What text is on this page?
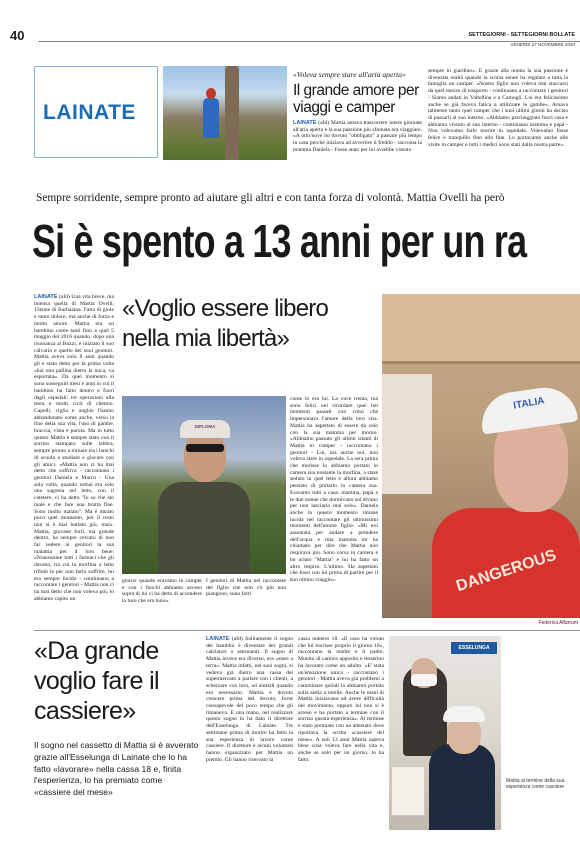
40	SETTEGIORNI - SETTEGIORNI BOLLATE
VENERDÌ 27 NOVEMBRE 2020
LAINATE
«Voleva sempre stare all'aria aperta»
Il grande amore per viaggi e camper
LAINATE (afd) Mattia amava trascorrere intere giornate all'aria aperta e la sua passione più sfrenata era viaggiare. «A otto/nove ho dovuto "obbligato" a passare più tempo in casa perché iniziava ad avvertire il freddo - racconta la mamma Daniela - Fosse stato per lui avrebbe vissuto
sempre in giardino». E grazie alla nonna la sua passione è diventata realtà quando la scorsa estate ha regalato a tutta la famiglia un camper. «Nostro figlio non voleva mai staccarsi da quel mezzo di trasporto - continuano a raccontare i genitori - Siamo andati in Valtellina e a Camogli. Lui era felicissimo anche se già faceva fatica a utilizzare le gambe». Amava talmente tanto quel camper che i suoi ultimi giorni ha deciso di passarli al suo interno. «Abbiamo parcheggiato fuori casa e abbiamo vissuto al suo interno - continuano mamma e papà - Non volevamo farlo morire in ospedale. Volevamo fosse felice e tranquillo fino alla fine. Lo portavamo anche alle visite in camper e tutti i medici sono stati dalla nostra parte».
Sempre sorridente, sempre pronto ad aiutare gli altri e con tanta forza di volontà. Mattia Ovelli ha però
Si è spento a 13 anni per un ra
«Voglio essere libero nella mia libertà»
LAINATE (afd) Una vita breve, ma intensa quella di Mattia Ovelli, 13enne di Barbaiana. Fatta di gioie e tanto dolore, ma anche di forza e molto amore. Mattia era un bambino come tanti fino a quel 5 maggio del 2016 quando, dopo una risonanza al Buzzi, è iniziato il suo calvario e quello dei suoi genitori. Mattia aveva solo 8 anni quando gli è stato detto per la prima volta «hai una pallina dietro la nuca, va esportata». Da quel momento si sono susseguiti mesi e anni in cui il bambino ha fatto dentro e fuori dagli ospedali: tre operazioni alla testa e molti cicli di chemio. Capelli, ciglia e unghie l'hanno abbandonato come anche, verso la fine della sua vita, l'uso di gambe, braccia, vista e parola. Ma in tutto questo Mattia è sempre stato con il sorriso stampato sulle labbra, sempre pronto a tornare tra i banchi di scuola a studiare e giocare con gli amici. «Mattia non ci ha mai detto che soffriva - raccontano i genitori Daniela e Marco - Una sola volta, quando ormai era solo una sagoma nel letto, con il catetere, ci ha detto "Io so che sto male e che fare una brutta fine. Sono molto malato". Ma è durato poco quel momento, per il resto non si è mai buttato giù, mai». Mattia, giovane forti, ma grande dentro, ha sempre cercato di non far vedere ai genitori la sua malattia per il loro bene: «Nonostante tutti i farmaci che gli davano, tra cui la morfina a letto rifiutò le per non farlo soffrire, lui era sempre lucido - continuano a raccontare i genitori - Mattia non ci ha mai detto che non voleva più, lo abbiamo capito un
DIPLOMA
giorno quando eravamo in camper e con i fuochi abbiamo acceso sopra di lui ci ha detto di accendere la luce che era buio».
I genitori di Mattia nel raccontare del figlio che non c'è più non piangono, sono forti
come lo era lui. La voce trema, ma sono felici nel ricordare quei bei momenti passati con colui che impersonava l'amore della loro vita. Mattia ha aspettato di essere da solo con la sua mamma per morire. «Abbiamo passato gli ultimi istanti di Mattia in camper - raccontano i genitori - Lui, ma anche noi, non voleva stare in ospedale. La sera prima che morisse lo abbiamo portato in camera sua nostante la morfina, a stare seduto in quel letto e allora abbiamo pensato di portarlo in camera sua. Eravamo tutti a casa: mamma, papà e le due nonne che dormivano sul divano per non lasciarlo mai solo». Daniela anche in questo momento rimane lucida nel raccontare gli ultimissimi momenti dell'amore figlio: «Mi ero assentata per andare a prendere dell'acqua e mia mamma mi ha chiamato per dire che Mattia non respirava più. Sono corsa in camera e ho urlato "Mattia" e lui ha fatto un altro respiro. L'ultimo. Ha aspettato che fossi con lui prima di partire per il suo ultimo viaggio».	DANGEROUS
ITALIA
Federica Alfarrum
«Da grande voglio fare il cassiere»
Il sogno nel cassetto di Mattia si è avverato grazie all'Esselunga di Lainate che lo ha fatto «lavorare» nella cassa 18 e, finita l'esperienza, lo ha premiato come «cassiere del mese»
LAINATE (afd) Solitamente il sogno dei bambini è diventare dei grandi calciatori o astronauti. Il sogno di Mattia invece era diverso, era «stare a terra». Mattia infatti, nei suoi sogni, si vedeva già dietro una cassa del supermercato a parlare con i clienti, a scherzare con loro, ad aiutarli quando era necessario. Mattia è dovuto crescere prima del dovuto, forse consapevole del poco tempo che gli rimaneva. E una mano, nel realizzare questo sogno lo ha dato il direttore dell'Esselunga di Lainate. Tre settimane prima di morire ha fatto la sua esperienza di lavoro come cassiere. Il direttore e alcuni volontari hanno organizzato per Mattia un premio. Gli hanno riservato la
cassa numero 18. «Il caso ha voluto che lui morisse proprio il giorno 18», raccontano la madre e il padre. Munito di camice apposito e tesserino ha lavorato come un adulto. «E' stata un'emozione unica - raccontano i genitori - Mattia aveva già problemi a camminare quindi lo abbiamo portato sulla sedia a rotelle. Anche le mani di Mattia iniziavano ad avere difficoltà nel movimento, eppure lui non si è arreso e ha portato a termine con il sorriso questa esperienza». Al termine è stato premiato con un attestato dove riportava la scritta «cassiere del mese». A soli 13 anni Mattia sapeva bene cosa voleva fare nella vita e, anche se solo per un giorno, lo ha fatto.
ESSELUNGA
Mattia al termine della sua esperienza come cassiere
